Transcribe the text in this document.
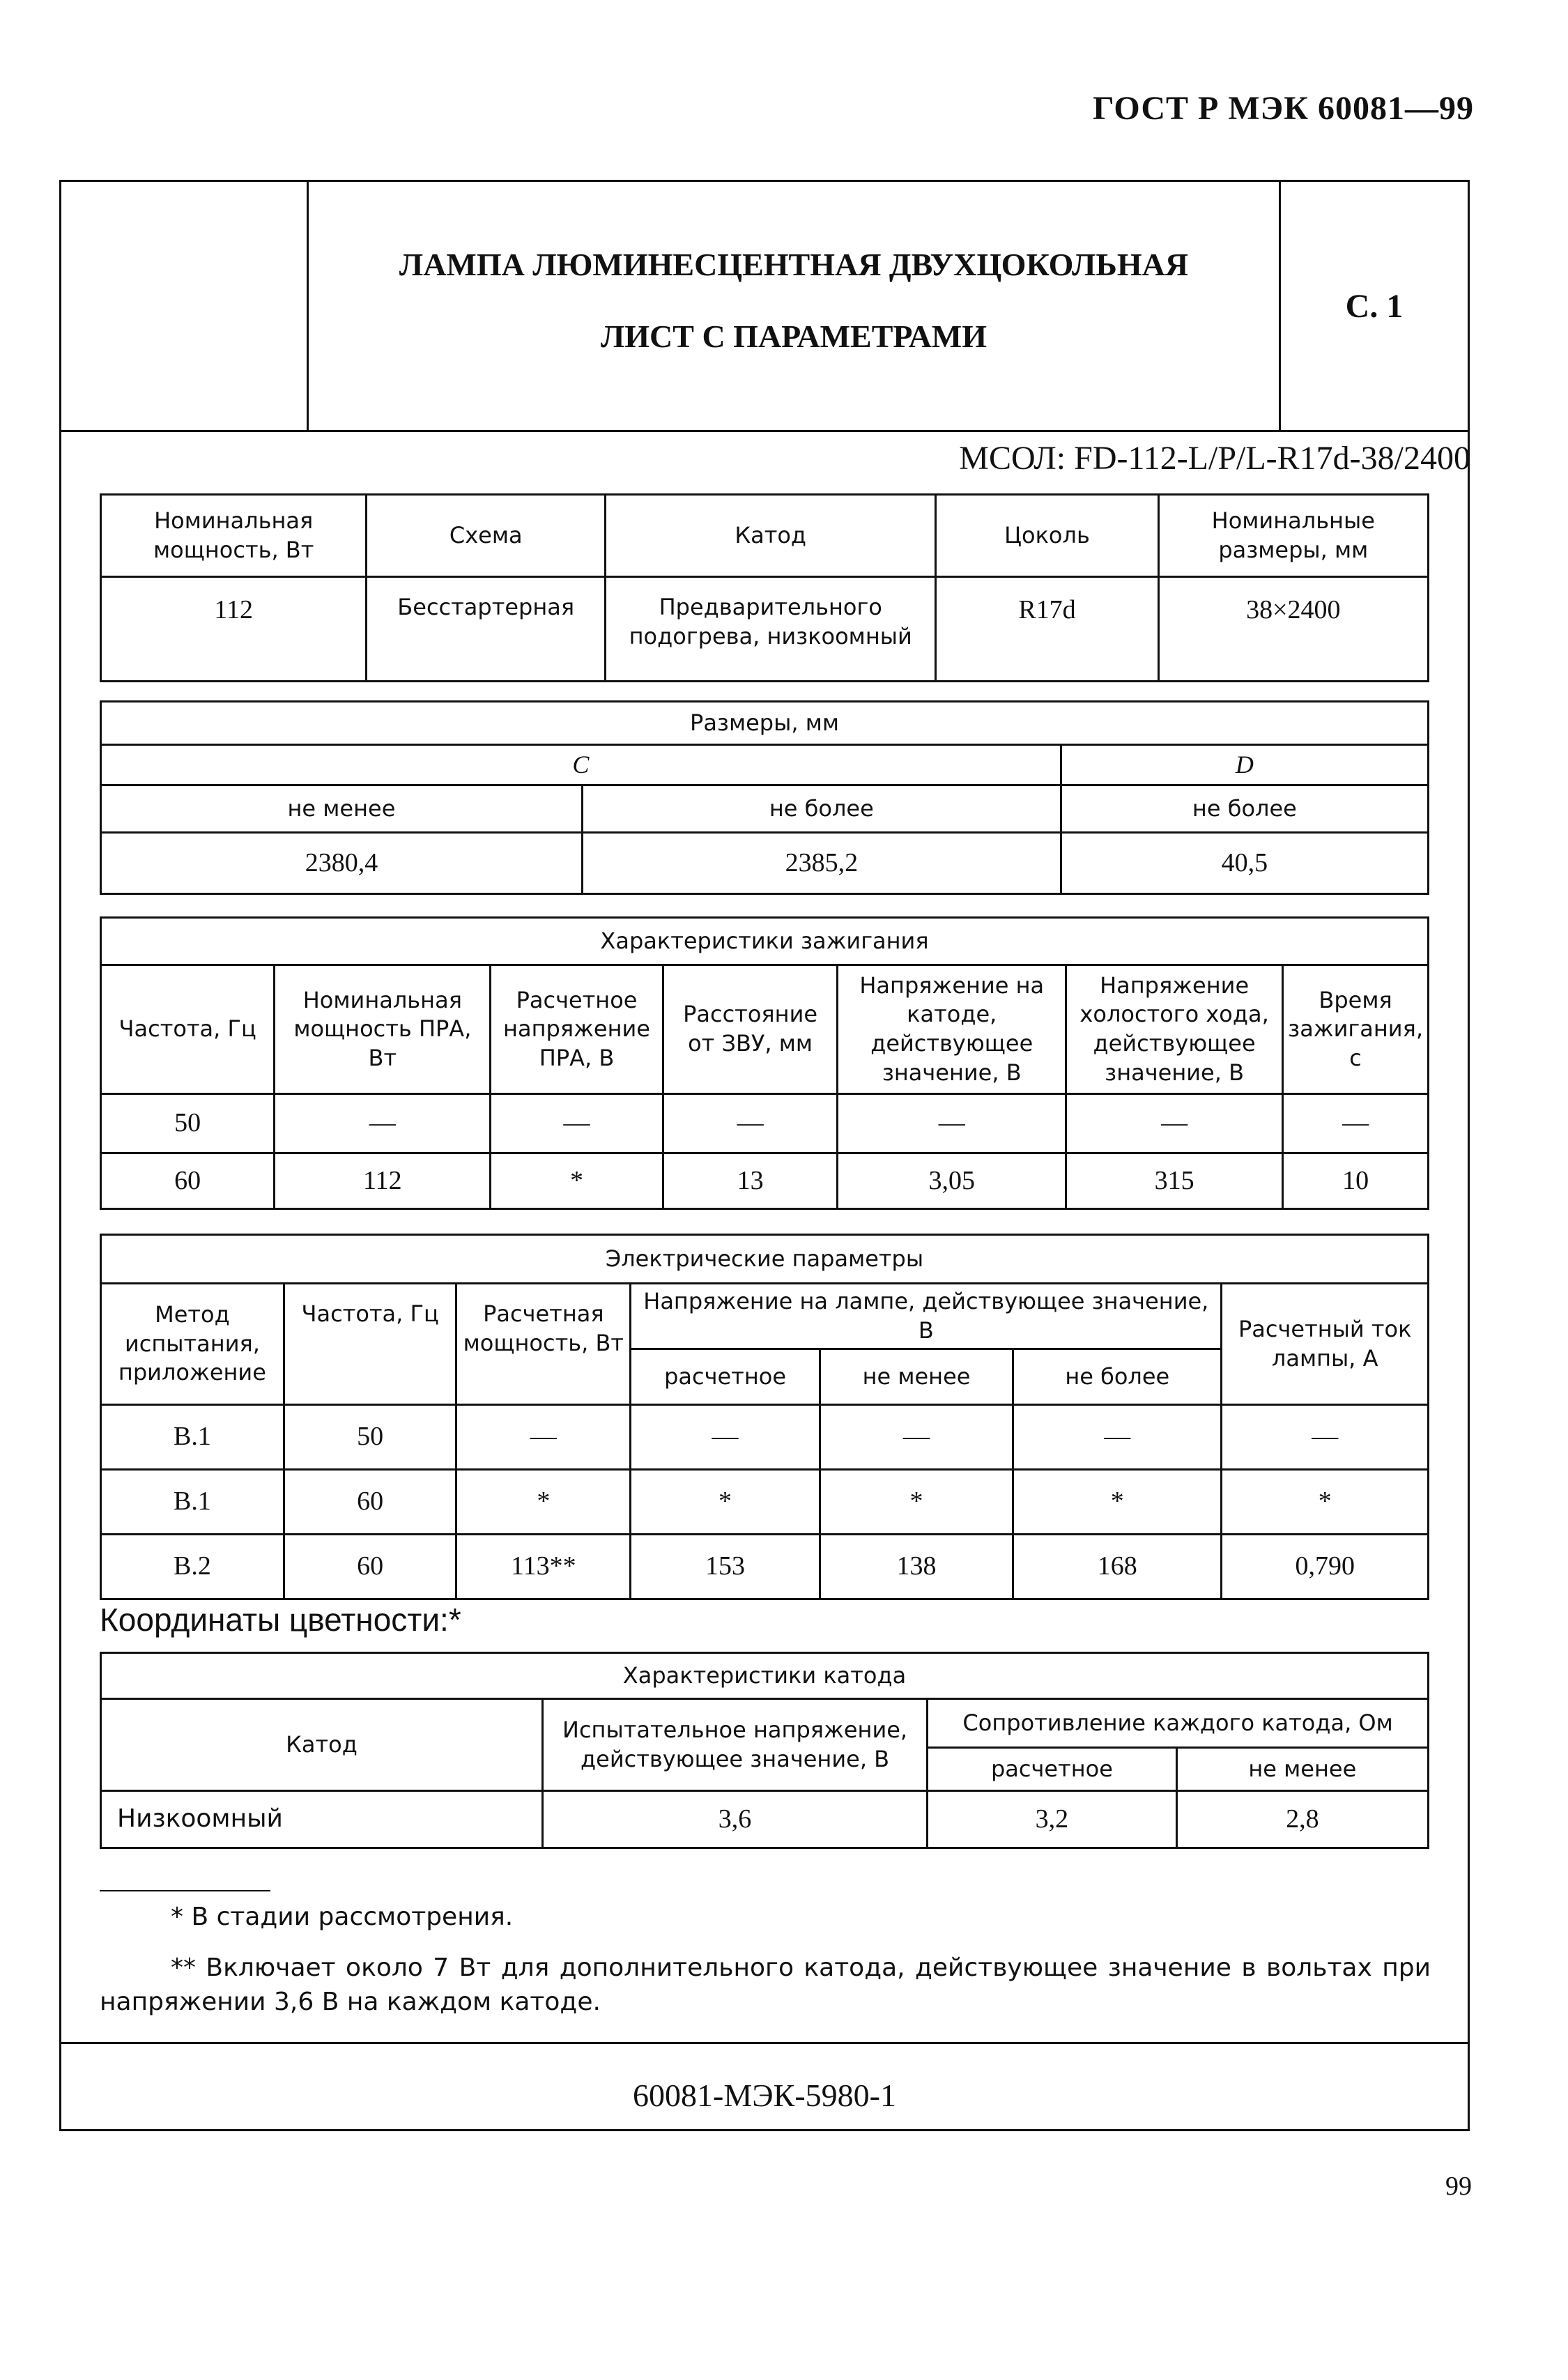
ГОСТ Р МЭК 60081—99
ЛАМПА ЛЮМИНЕСЦЕНТНАЯ ДВУХЦОКОЛЬНАЯ
ЛИСТ С ПАРАМЕТРАМИ
С. 1
МСОЛ: FD-112-L/P/L-R17d-38/2400
Номинальная мощность, Вт	Схема	Катод	Цоколь	Номинальные размеры, мм
112	Бесстартерная	Предварительного подогрева, низкоомный	R17d	38×2400
Размеры, мм		
C		D
не менее	не более	не более
2380,4	2385,2	40,5
Характеристики зажигания						
Частота, Гц	Номинальная мощность ПРА, Вт	Расчетное напряжение ПРА, В	Расстояние от ЗВУ, мм	Напряжение на катоде, действующее значение, В	Напряжение холостого хода, действующее значение, В	Время зажигания, с
50	—	—	—	—	—	—
60	112	*	13	3,05	315	10
Электрические параметры						
Метод испытания, приложение	Частота, Гц	Расчетная мощность, Вт	Напряжение на лампе, действующее значение, В			Расчетный ток лампы, А
			расчетное	не менее	не более	
B.1	50	—	—	—	—	—
B.1	60	*	*	*	*	*
B.2	60	113**	153	138	168	0,790
Координаты цветности:*
Характеристики катода			
Катод	Испытательное напряжение, действующее значение, В	Сопротивление каждого катода, Ом	
		расчетное	не менее
Низкоомный	3,6	3,2	2,8
* В стадии рассмотрения.
** Включает около 7 Вт для дополнительного катода, действующее значение в вольтах при напряжении 3,6 В на каждом катоде.
60081-МЭК-5980-1
99
